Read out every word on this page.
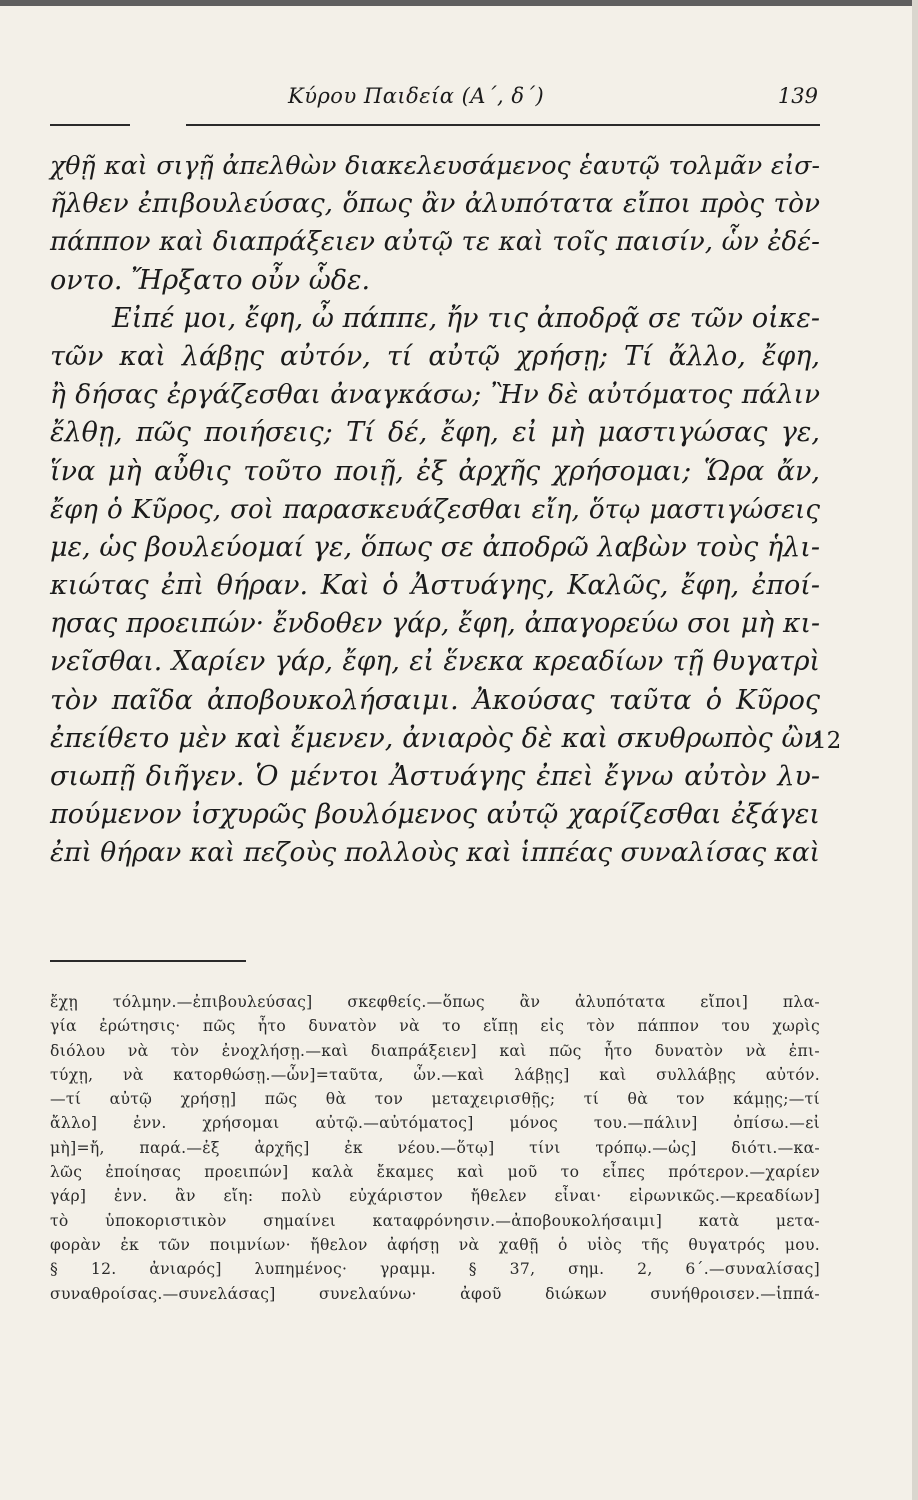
Κύρου Παιδεία (Α΄, δ΄)	139
χθῇ καὶ σιγῇ ἀπελθὼν διακελευσάμενος ἑαυτῷ τολμᾶν εἰσ-
ῆλθεν ἐπιβουλεύσας, ὅπως ἂν ἀλυπότατα εἴποι πρὸς τὸν
πάππον καὶ διαπράξειεν αὐτῷ τε καὶ τοῖς παισίν, ὧν ἐδέ-
οντο. Ἤρξατο οὖν ὧδε.
Εἰπέ μοι, ἔφη, ὦ πάππε, ἤν τις ἀποδρᾷ σε τῶν οἰκε-
τῶν καὶ λάβῃς αὐτόν, τί αὐτῷ χρήσῃ; Τί ἄλλο, ἔφη,
ἢ δήσας ἐργάζεσθαι ἀναγκάσω; Ἢν δὲ αὐτόματος πάλιν
ἔλθῃ, πῶς ποιήσεις; Τί δέ, ἔφη, εἰ μὴ μαστιγώσας γε,
ἵνα μὴ αὖθις τοῦτο ποιῇ, ἐξ ἀρχῆς χρήσομαι; Ὥρα ἄν,
ἔφη ὁ Κῦρος, σοὶ παρασκευάζεσθαι εἴη, ὅτῳ μαστιγώσεις
με, ὡς βουλεύομαί γε, ὅπως σε ἀποδρῶ λαβὼν τοὺς ἡλι-
κιώτας ἐπὶ θήραν. Καὶ ὁ Ἀστυάγης, Καλῶς, ἔφη, ἐποί-
ησας προειπών· ἔνδοθεν γάρ, ἔφη, ἀπαγορεύω σοι μὴ κι-
νεῖσθαι. Χαρίεν γάρ, ἔφη, εἰ ἕνεκα κρεαδίων τῇ θυγατρὶ
τὸν παῖδα ἀποβουκολήσαιμι. Ἀκούσας ταῦτα ὁ Κῦρος
ἐπείθετο μὲν καὶ ἔμενεν, ἀνιαρὸς δὲ καὶ σκυθρωπὸς ὢν
σιωπῇ διῆγεν. Ὁ μέντοι Ἀστυάγης ἐπεὶ ἔγνω αὐτὸν λυ-
πούμενον ἰσχυρῶς βουλόμενος αὐτῷ χαρίζεσθαι ἐξάγει
ἐπὶ θήραν καὶ πεζοὺς πολλοὺς καὶ ἱππέας συναλίσας καὶ
12
ἔχῃ τόλμην.—ἐπιβουλεύσας] σκεφθείς.—ὅπως ἂν ἀλυπότατα εἴποι] πλα-
γία ἐρώτησις· πῶς ἦτο δυνατὸν νὰ το εἴπῃ εἰς τὸν πάππον του χωρὶς
διόλου νὰ τὸν ἐνοχλήσῃ.—καὶ διαπράξειεν] καὶ πῶς ἦτο δυνατὸν νὰ ἐπι-
τύχῃ, νὰ κατορθώσῃ.—ὧν]=ταῦτα, ὧν.—καὶ λάβῃς] καὶ συλλάβῃς αὐτόν.
—τί αὐτῷ χρήσῃ] πῶς θὰ τον μεταχειρισθῇς; τί θὰ τον κάμῃς;—τί
ἄλλο] ἐνν. χρήσομαι αὐτῷ.—αὐτόματος] μόνος του.—πάλιν] ὀπίσω.—εἰ
μὴ]=ἤ, παρά.—ἐξ ἀρχῆς] ἐκ νέου.—ὅτῳ] τίνι τρόπῳ.—ὡς] διότι.—κα-
λῶς ἐποίησας προειπών] καλὰ ἔκαμες καὶ μοῦ το εἶπες πρότερον.—χαρίεν
γάρ] ἐνν. ἂν εἴη: πολὺ εὐχάριστον ἤθελεν εἶναι· εἰρωνικῶς.—κρεαδίων]
τὸ ὑποκοριστικὸν σημαίνει καταφρόνησιν.—ἀποβουκολήσαιμι] κατὰ μετα-
φορὰν ἐκ τῶν ποιμνίων· ἤθελον ἀφήσῃ νὰ χαθῇ ὁ υἱὸς τῆς θυγατρός μου.
§ 12. ἀνιαρός] λυπημένος· γραμμ. § 37, σημ. 2, 6΄.—συναλίσας]
συναθροίσας.—συνελάσας] συνελαύνω· ἀφοῦ διώκων συνήθροισεν.—ἱππά-
